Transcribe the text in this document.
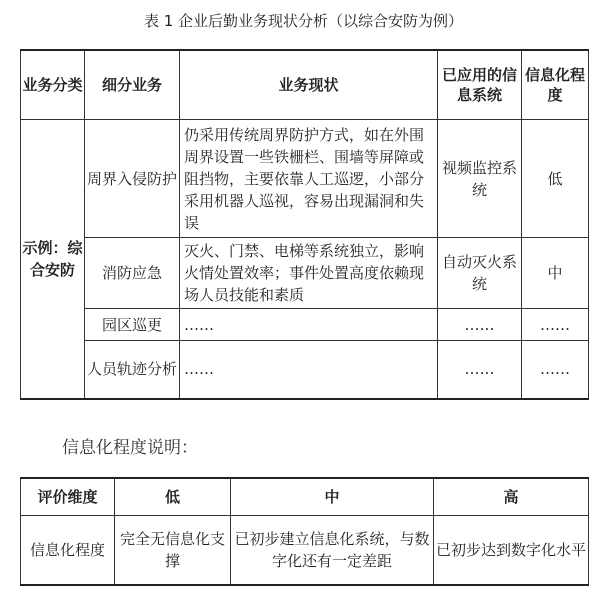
表 1 企业后勤业务现状分析（以综合安防为例）
业务分类	细分业务	业务现状	已应用的信息系统	信息化程度
示例：综合安防	周界入侵防护	仍采用传统周界防护方式，如在外围周界设置一些铁栅栏、围墙等屏障或阻挡物，主要依靠人工巡逻，小部分采用机器人巡视，容易出现漏洞和失误	视频监控系统	低
	消防应急	灭火、门禁、电梯等系统独立，影响火情处置效率；事件处置高度依赖现场人员技能和素质	自动灭火系统	中
	园区巡更	……	……	……
	人员轨迹分析	……	……	……
信息化程度说明：
评价维度	低	中	高
信息化程度	完全无信息化支撑	已初步建立信息化系统，与数字化还有一定差距	已初步达到数字化水平
